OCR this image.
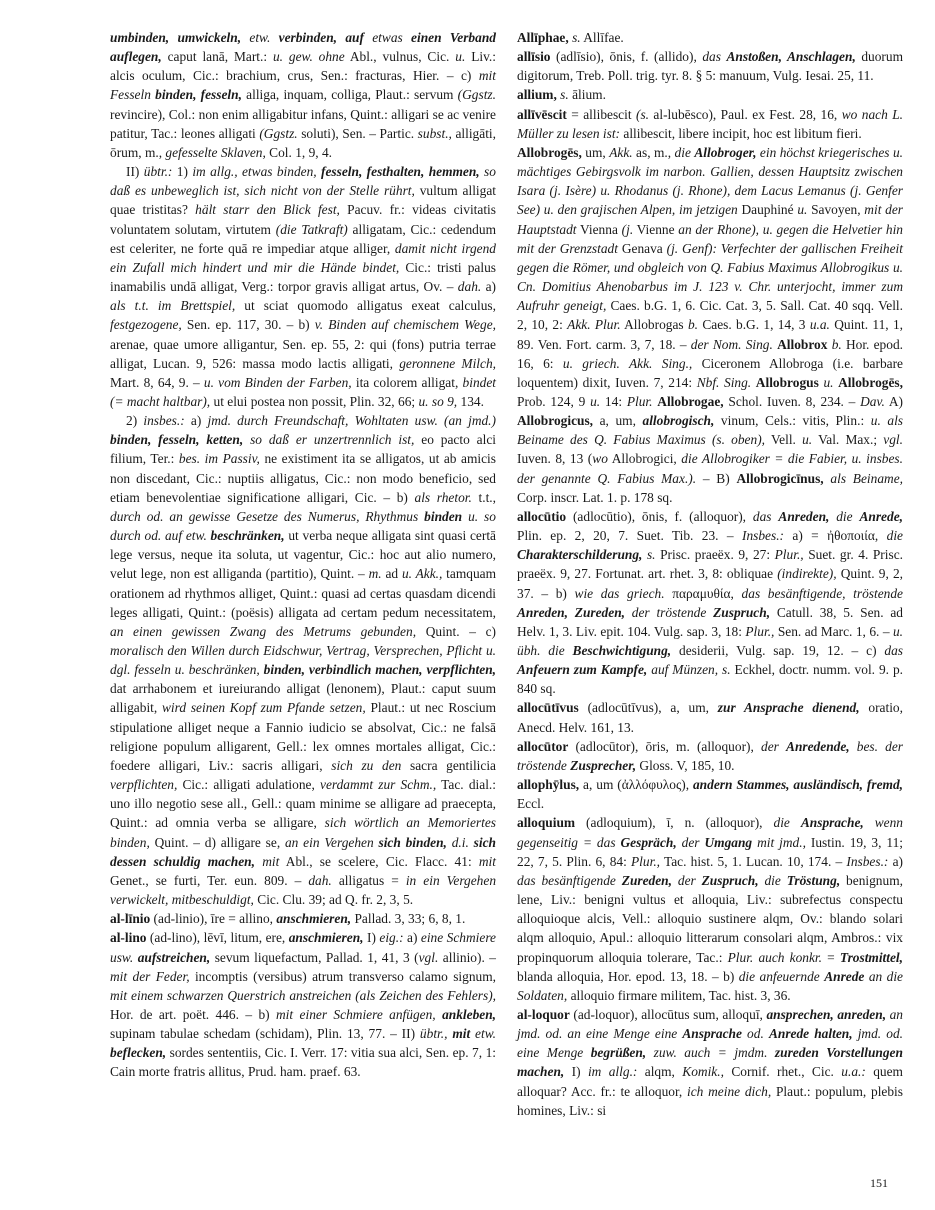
umbinden, umwickeln, etw. verbinden, auf etwas einen Verband auflegen, caput lanā, Mart.: u. gew. ohne Abl., vulnus, Cic. u. Liv.: alcis oculum, Cic.: brachium, crus, Sen.: fracturas, Hier. – c) mit Fesseln binden, fesseln, alliga, inquam, colliga, Plaut.: servum (Ggstz. revincire), Col.: non enim alligabitur infans, Quint.: alligari se ac venire patitur, Tac.: leones alligati (Ggstz. soluti), Sen. – Partic. subst., alligāti, ōrum, m., gefesselte Sklaven, Col. 1, 9, 4.

II) übtr.: 1) im allg., etwas binden, fesseln, festhalten, hemmen, so daß es unbeweglich ist, sich nicht von der Stelle rührt, vultum alligat quae tristitas? hält starr den Blick fest, Pacuv. fr.: videas civitatis voluntatem solutam, virtutem (die Tatkraft) alligatam, Cic.: cedendum est celeriter, ne forte quā re impediar atque alliger, damit nicht irgend ein Zufall mich hindert und mir die Hände bindet, Cic.: tristi palus inamabilis undā alligat, Verg.: torpor gravis alligat artus, Ov. – dah. a) als t.t. im Brettspiel, ut sciat quomodo alligatus exeat calculus, festgezogene, Sen. ep. 117, 30. – b) v. Binden auf chemischem Wege, arenae, quae umore alligantur, Sen. ep. 55, 2: qui (fons) putria terrae alligat, Lucan. 9, 526: massa modo lactis alligati, geronnene Milch, Mart. 8, 64, 9. – u. vom Binden der Farben, ita colorem alligat, bindet (= macht haltbar), ut elui postea non possit, Plin. 32, 66; u. so 9, 134.

2) insbes.: a) jmd. durch Freundschaft, Wohltaten usw. (an jmd.) binden, fesseln, ketten, so daß er unzertrennlich ist, eo pacto alci filium, Ter.: bes. im Passiv, ne existiment ita se alligatos, ut ab amicis non discedant, Cic.: nuptiis alligatus, Cic.: non modo beneficio, sed etiam benevolentiae significatione alligari, Cic. – b) als rhetor. t.t., durch od. an gewisse Gesetze des Numerus, Rhythmus binden u. so durch od. auf etw. beschränken, ut verba neque alligata sint quasi certā lege versus, neque ita soluta, ut vagentur, Cic.: hoc aut alio numero, velut lege, non est alliganda (partitio), Quint. – m. ad u. Akk., tamquam orationem ad rhythmos alliget, Quint.: quasi ad certas quasdam dicendi leges alligati, Quint.: (poësis) alligata ad certam pedum necessitatem, an einen gewissen Zwang des Metrums gebunden, Quint. – c) moralisch den Willen durch Eidschwur, Vertrag, Versprechen, Pflicht u. dgl. fesseln u. beschränken, binden, verbindlich machen, verpflichten, dat arrhabonem et iureiurando alligat (lenonem), Plaut.: caput suum alligabit, wird seinen Kopf zum Pfande setzen, Plaut.: ut nec Roscium stipulatione alliget neque a Fannio iudicio se absolvat, Cic.: ne falsā religione populum alligarent, Gell.: lex omnes mortales alligat, Cic.: foedere alligari, Liv.: sacris alligari, sich zu den sacra gentilicia verpflichten, Cic.: alligati adulatione, verdammt zur Schm., Tac. dial.: uno illo negotio sese all., Gell.: quam minime se alligare ad praecepta, Quint.: ad omnia verba se alligare, sich wörtlich an Memoriertes binden, Quint. – d) alligare se, an ein Vergehen sich binden, d.i. sich dessen schuldig machen, mit Abl., se scelere, Cic. Flacc. 41: mit Genet., se furti, Ter. eun. 809. – dah. alligatus = in ein Vergehen verwickelt, mitbeschuldigt, Cic. Clu. 39; ad Q. fr. 2, 3, 5.

al-līnio (ad-linio), īre = allino, anschmieren, Pallad. 3, 33; 6, 8, 1.

al-lino (ad-lino), lēvī, litum, ere, anschmieren, I) eig.: a) eine Schmiere usw. aufstreichen, sevum liquefactum, Pallad. 1, 41, 3 (vgl. allinio). – mit der Feder, incomptis (versibus) atrum transverso calamo signum, mit einem schwarzen Querstrich anstreichen (als Zeichen des Fehlers), Hor. de art. poët. 446. – b) mit einer Schmiere anfügen, ankleben, supinam tabulae schedam (schidam), Plin. 13, 77. – II) übtr., mit etw. beflecken, sordes sententiis, Cic. I. Verr. 17: vitia sua alci, Sen. ep. 7, 1: Cain morte fratris allitus, Prud. ham. praef. 63.

Allīphae, s. Allīfae.

allīsio (adlīsio), ōnis, f. (allido), das Anstoßen, Anschlagen, duorum digitorum, Treb. Poll. trig. tyr. 8. § 5: manuum, Vulg. Iesai. 25, 11.

allium, s. ālium.

allīvēscit = allibescit (s. al-lubēsco), Paul. ex Fest. 28, 16, wo nach L. Müller zu lesen ist: allibescit, libere incipit, hoc est libitum fieri.

Allobrogēs, um, Akk. as, m., die Allobroger, ein höchst kriegerisches u. mächtiges Gebirgsvolk im narbon. Gallien, dessen Hauptsitz zwischen Isara (j. Isère) u. Rhodanus (j. Rhone), dem Lacus Lemanus (j. Genfer See) u. den grajischen Alpen, im jetzigen Dauphiné u. Savoyen, mit der Hauptstadt Vienna (j. Vienne an der Rhone), u. gegen die Helvetier hin mit der Grenzstadt Genava (j. Genf): Verfechter der gallischen Freiheit gegen die Römer, und obgleich von Q. Fabius Maximus Allobrogikus u. Cn. Domitius Ahenobarbus im J. 123 v. Chr. unterjocht, immer zum Aufruhr geneigt, Caes. b.G. 1, 6. Cic. Cat. 3, 5. Sall. Cat. 40 sqq. Vell. 2, 10, 2: Akk. Plur. Allobrogas b. Caes. b.G. 1, 14, 3 u.a. Quint. 11, 1, 89. Ven. Fort. carm. 3, 7, 18. – der Nom. Sing. Allobrox b. Hor. epod. 16, 6: u. griech. Akk. Sing., Ciceronem Allobroga (i.e. barbare loquentem) dixit, Iuven. 7, 214: Nbf. Sing. Allobrogus u. Allobrogēs, Prob. 124, 9 u. 14: Plur. Allobrogae, Schol. Iuven. 8, 234. – Dav. A) Allobrogicus, a, um, allobrogisch, vinum, Cels.: vitis, Plin.: u. als Beiname des Q. Fabius Maximus (s. oben), Vell. u. Val. Max.; vgl. Iuven. 8, 13 (wo Allobrogici, die Allobrogiker = die Fabier, u. insbes. der genannte Q. Fabius Max.). – B) Allobrogicīnus, als Beiname, Corp. inscr. Lat. 1. p. 178 sq.

allocūtio (adlocūtio), ōnis, f. (alloquor), das Anreden, die Anrede, Plin. ep. 2, 20, 7. Suet. Tib. 23. – Insbes.: a) = ἠθοποιία, die Charakterschilderung, s. Prisc. praeëx. 9, 27: Plur., Suet. gr. 4. Prisc. praeëx. 9, 27. Fortunat. art. rhet. 3, 8: obliquae (indirekte), Quint. 9, 2, 37. – b) wie das griech. παραμυθία, das besänftigende, tröstende Anreden, Zureden, der tröstende Zuspruch, Catull. 38, 5. Sen. ad Helv. 1, 3. Liv. epit. 104. Vulg. sap. 3, 18: Plur., Sen. ad Marc. 1, 6. – u. übh. die Beschwichtigung, desiderii, Vulg. sap. 19, 12. – c) das Anfeuern zum Kampfe, auf Münzen, s. Eckhel, doctr. numm. vol. 9. p. 840 sq.

allocūtīvus (adlocūtīvus), a, um, zur Ansprache dienend, oratio, Anecd. Helv. 161, 13.

allocūtor (adlocūtor), ōris, m. (alloquor), der Anredende, bes. der tröstende Zusprecher, Gloss. V, 185, 10.

allophȳlus, a, um (ἀλλόφυλος), andern Stammes, ausländisch, fremd, Eccl.

alloquium (adloquium), ī, n. (alloquor), die Ansprache, wenn gegenseitig = das Gespräch, der Umgang mit jmd., Iustin. 19, 3, 11; 22, 7, 5. Plin. 6, 84: Plur., Tac. hist. 5, 1. Lucan. 10, 174. – Insbes.: a) das besänftigende Zureden, der Zuspruch, die Tröstung, benignum, lene, Liv.: benigni vultus et alloquia, Liv.: subrefectus conspectu alloquioque alcis, Vell.: alloquio sustinere alqm, Ov.: blando solari alqm alloquio, Apul.: alloquio litterarum consolari alqm, Ambros.: vix propinquorum alloquia tolerare, Tac.: Plur. auch konkr. = Trostmittel, blanda alloquia, Hor. epod. 13, 18. – b) die anfeuernde Anrede an die Soldaten, alloquio firmare militem, Tac. hist. 3, 36.

al-loquor (ad-loquor), allocūtus sum, alloquī, ansprechen, anreden, an jmd. od. an eine Menge eine Ansprache od. Anrede halten, jmd. od. eine Menge begrüßen, zuw. auch = jmdm. zureden Vorstellungen machen, I) im allg.: alqm, Komik., Cornif. rhet., Cic. u.a.: quem alloquar? Acc. fr.: te alloquor, ich meine dich, Plaut.: populum, plebis homines, Liv.: si

151
